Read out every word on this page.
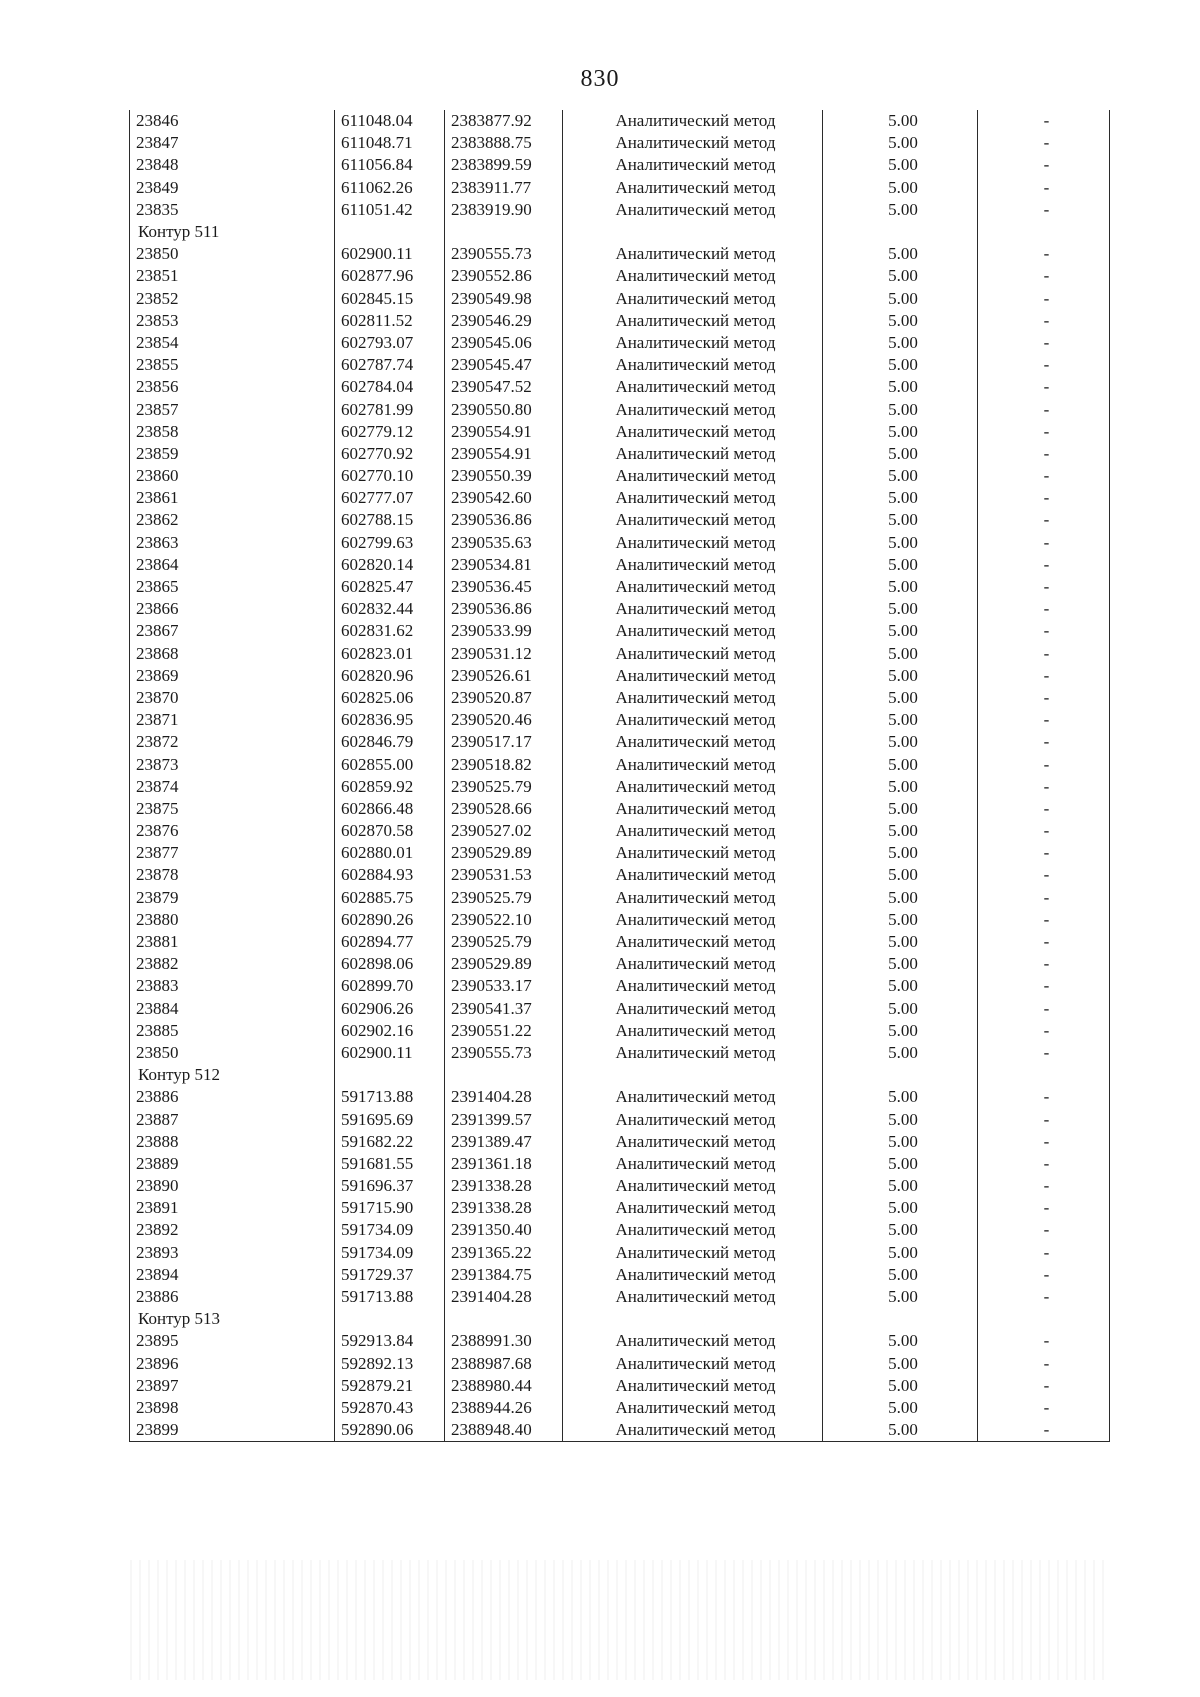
830
23846	611048.04	2383877.92	Аналитический метод	5.00	-
23847	611048.71	2383888.75	Аналитический метод	5.00	-
23848	611056.84	2383899.59	Аналитический метод	5.00	-
23849	611062.26	2383911.77	Аналитический метод	5.00	-
23835	611051.42	2383919.90	Аналитический метод	5.00	-
Контур 511					
23850	602900.11	2390555.73	Аналитический метод	5.00	-
23851	602877.96	2390552.86	Аналитический метод	5.00	-
23852	602845.15	2390549.98	Аналитический метод	5.00	-
23853	602811.52	2390546.29	Аналитический метод	5.00	-
23854	602793.07	2390545.06	Аналитический метод	5.00	-
23855	602787.74	2390545.47	Аналитический метод	5.00	-
23856	602784.04	2390547.52	Аналитический метод	5.00	-
23857	602781.99	2390550.80	Аналитический метод	5.00	-
23858	602779.12	2390554.91	Аналитический метод	5.00	-
23859	602770.92	2390554.91	Аналитический метод	5.00	-
23860	602770.10	2390550.39	Аналитический метод	5.00	-
23861	602777.07	2390542.60	Аналитический метод	5.00	-
23862	602788.15	2390536.86	Аналитический метод	5.00	-
23863	602799.63	2390535.63	Аналитический метод	5.00	-
23864	602820.14	2390534.81	Аналитический метод	5.00	-
23865	602825.47	2390536.45	Аналитический метод	5.00	-
23866	602832.44	2390536.86	Аналитический метод	5.00	-
23867	602831.62	2390533.99	Аналитический метод	5.00	-
23868	602823.01	2390531.12	Аналитический метод	5.00	-
23869	602820.96	2390526.61	Аналитический метод	5.00	-
23870	602825.06	2390520.87	Аналитический метод	5.00	-
23871	602836.95	2390520.46	Аналитический метод	5.00	-
23872	602846.79	2390517.17	Аналитический метод	5.00	-
23873	602855.00	2390518.82	Аналитический метод	5.00	-
23874	602859.92	2390525.79	Аналитический метод	5.00	-
23875	602866.48	2390528.66	Аналитический метод	5.00	-
23876	602870.58	2390527.02	Аналитический метод	5.00	-
23877	602880.01	2390529.89	Аналитический метод	5.00	-
23878	602884.93	2390531.53	Аналитический метод	5.00	-
23879	602885.75	2390525.79	Аналитический метод	5.00	-
23880	602890.26	2390522.10	Аналитический метод	5.00	-
23881	602894.77	2390525.79	Аналитический метод	5.00	-
23882	602898.06	2390529.89	Аналитический метод	5.00	-
23883	602899.70	2390533.17	Аналитический метод	5.00	-
23884	602906.26	2390541.37	Аналитический метод	5.00	-
23885	602902.16	2390551.22	Аналитический метод	5.00	-
23850	602900.11	2390555.73	Аналитический метод	5.00	-
Контур 512					
23886	591713.88	2391404.28	Аналитический метод	5.00	-
23887	591695.69	2391399.57	Аналитический метод	5.00	-
23888	591682.22	2391389.47	Аналитический метод	5.00	-
23889	591681.55	2391361.18	Аналитический метод	5.00	-
23890	591696.37	2391338.28	Аналитический метод	5.00	-
23891	591715.90	2391338.28	Аналитический метод	5.00	-
23892	591734.09	2391350.40	Аналитический метод	5.00	-
23893	591734.09	2391365.22	Аналитический метод	5.00	-
23894	591729.37	2391384.75	Аналитический метод	5.00	-
23886	591713.88	2391404.28	Аналитический метод	5.00	-
Контур 513					
23895	592913.84	2388991.30	Аналитический метод	5.00	-
23896	592892.13	2388987.68	Аналитический метод	5.00	-
23897	592879.21	2388980.44	Аналитический метод	5.00	-
23898	592870.43	2388944.26	Аналитический метод	5.00	-
23899	592890.06	2388948.40	Аналитический метод	5.00	-
